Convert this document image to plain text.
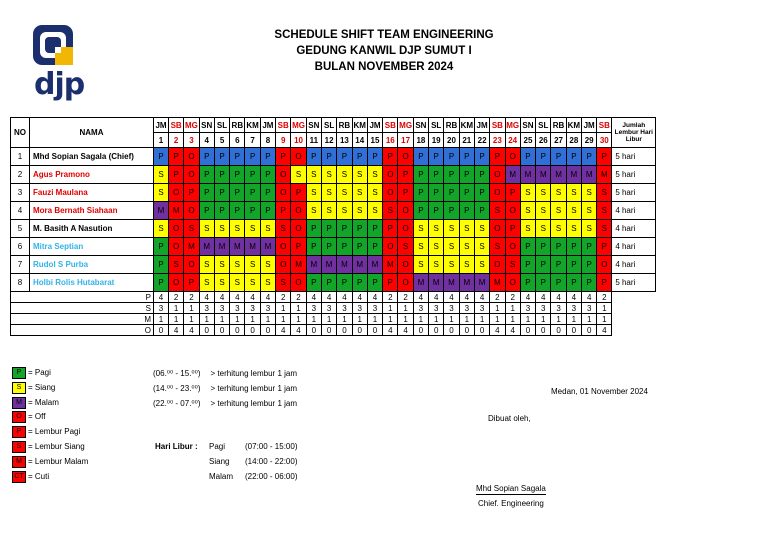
djp
SCHEDULE SHIFT TEAM ENGINEERING
GEDUNG KANWIL DJP SUMUT I
BULAN NOVEMBER 2024
NO	NAMA	JM	SB	MG	SN	SL	RB	KM	JM	SB	MG	SN	SL	RB	KM	JM	SB	MG	SN	SL	RB	KM	JM	SB	MG	SN	SL	RB	KM	JM	SB	Jumlah Lembur Hari Libur
		1	2	3	4	5	6	7	8	9	10	11	12	13	14	15	16	17	18	19	20	21	22	23	24	25	26	27	28	29	30	
1	Mhd Sopian Sagala (Chief)	P	P	O	P	P	P	P	P	P	O	P	P	P	P	P	P	O	P	P	P	P	P	P	O	P	P	P	P	P	P	5 hari
2	Agus Pramono	S	P	O	P	P	P	P	P	O	S	S	S	S	S	S	O	P	P	P	P	P	P	O	M	M	M	M	M	M	M	5 hari
3	Fauzi Maulana	S	O	P	P	P	P	P	P	O	P	S	S	S	S	S	O	P	P	P	P	P	P	O	P	S	S	S	S	S	S	5 hari
4	Mora Bernath Siahaan	M	M	O	P	P	P	P	P	P	O	S	S	S	S	S	S	O	P	P	P	P	P	S	O	S	S	S	S	S	S	4 hari
5	M. Basith A Nasution	S	O	S	S	S	S	S	S	S	O	P	P	P	P	P	P	O	S	S	S	S	S	O	P	S	S	S	S	S	S	4 hari
6	Mitra Septian	P	O	M	M	M	M	M	M	O	P	P	P	P	P	P	O	S	S	S	S	S	S	S	O	P	P	P	P	P	P	4 hari
7	Rudol S Purba	P	S	O	S	S	S	S	S	O	M	M	M	M	M	M	M	O	S	S	S	S	S	O	S	P	P	P	P	P	O	4 hari
8	Holbi Rolis Hutabarat	P	O	P	S	S	S	S	S	S	O	P	P	P	P	P	P	O	M	M	M	M	M	M	O	P	P	P	P	P	P	5 hari
P		4	2	2	4	4	4	4	4	2	2	4	4	4	4	4	2	2	4	4	4	4	4	2	2	4	4	4	4	4	2	
S		3	1	1	3	3	3	3	3	1	1	3	3	3	3	3	1	1	3	3	3	3	3	1	1	3	3	3	3	3	1	
M		1	1	1	1	1	1	1	1	1	1	1	1	1	1	1	1	1	1	1	1	1	1	1	1	1	1	1	1	1	1	
O		0	4	4	0	0	0	0	0	4	4	0	0	0	0	0	4	4	0	0	0	0	0	4	4	0	0	0	0	0	4	
P = Pagi
S = Siang
M = Malam
O = Off
P = Lembur Pagi
S = Lembur Siang
M = Lembur Malam
CT = Cuti
(06.⁰⁰ - 15.⁰⁰) > terhitung lembur 1 jam
(14.⁰⁰ - 23.⁰⁰) > terhitung lembur 1 jam
(22.⁰⁰ - 07.⁰⁰) > terhitung lembur 1 jam
Hari Libur : Pagi (07:00 - 15:00)
Siang (14:00 - 22:00)
Malam (22:00 - 06:00)
Medan, 01 November 2024
Dibuat oleh,
Mhd Sopian Sagala
Chief. Engineering
